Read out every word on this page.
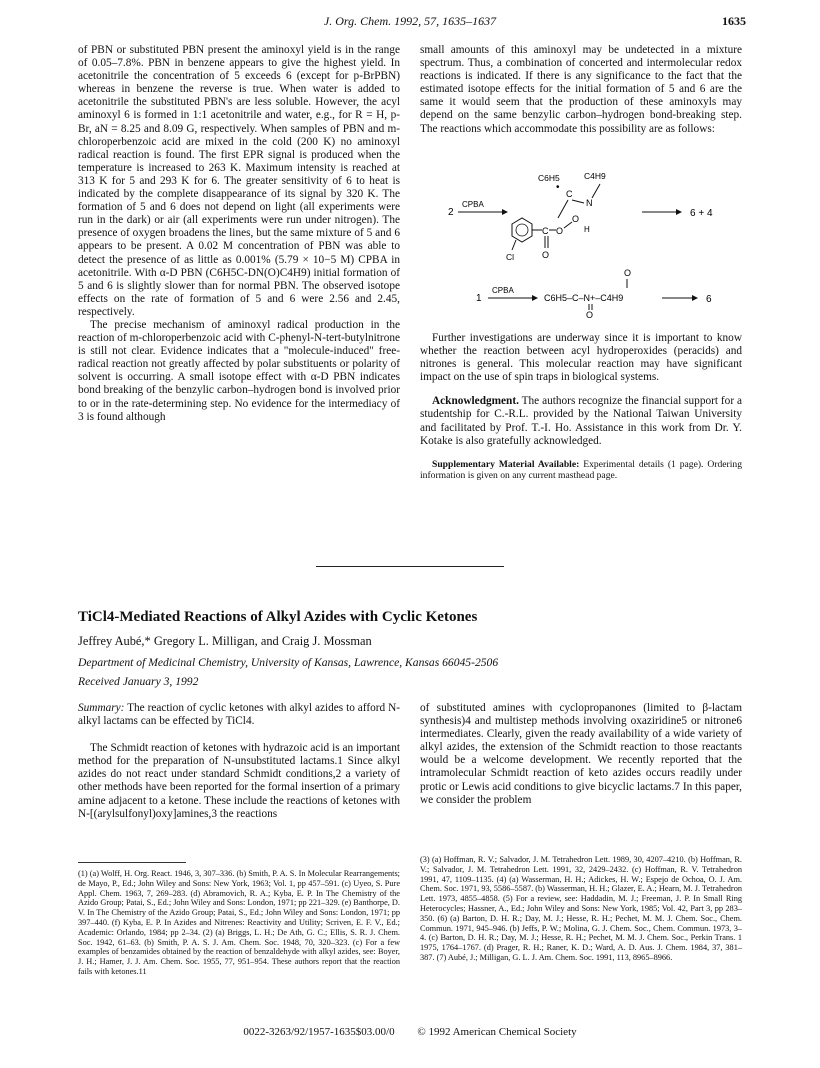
J. Org. Chem. 1992, 57, 1635–1637	1635

of PBN or substituted PBN present the aminoxyl yield is in the range of 0.05–7.8%. PBN in benzene appears to give the highest yield. In acetonitrile the concentration of 5 exceeds 6 (except for p-BrPBN) whereas in benzene the reverse is true. When water is added to acetonitrile the substituted PBN's are less soluble. However, the acyl aminoxyl 6 is formed in 1:1 acetonitrile and water, e.g., for R = H, p-Br, aN = 8.25 and 8.09 G, respectively. When samples of PBN and m-chloroperbenzoic acid are mixed in the cold (200 K) no aminoxyl radical reaction is found. The first EPR signal is produced when the temperature is increased to 263 K. Maximum intensity is reached at 313 K for 5 and 293 K for 6. The greater sensitivity of 6 to heat is indicated by the complete disappearance of its signal by 320 K. The formation of 5 and 6 does not depend on light (all experiments were run in the dark) or air (all experiments were run under nitrogen). The presence of oxygen broadens the lines, but the same mixture of 5 and 6 appears to be present. A 0.02 M concentration of PBN was able to detect the presence of as little as 0.001% (5.79 × 10−5 M) CPBA in acetonitrile. With α-D PBN (C6H5C-DN(O)C4H9) initial formation of 5 and 6 is slightly slower than for normal PBN. The observed isotope effects on the rate of formation of 5 and 6 were 2.56 and 2.45, respectively.

The precise mechanism of aminoxyl radical production in the reaction of m-chloroperbenzoic acid with C-phenyl-N-tert-butylnitrone is still not clear. Evidence indicates that a "molecule-induced" free-radical reaction not greatly affected by polar substituents or polarity of solvent is occurring. A small isotope effect with α-D PBN indicates bond breaking of the benzylic carbon–hydrogen bond is involved prior to or in the rate-determining step. No evidence for the intermediacy of 3 is found although

small amounts of this aminoxyl may be undetected in a mixture spectrum. Thus, a combination of concerted and intermolecular redox reactions is indicated. If there is any significance to the fact that the estimated isotope effects for the initial formation of 5 and 6 are the same it would seem that the production of these aminoxyls may depend on the same benzylic carbon–hydrogen bond-breaking step. The reactions which accommodate this possibility are as follows:

2
CPBA
C6H5	C4H9
•
C
N
C O
O
H
O
Cl
6 + 4
O
1
CPBA
C6H5–C–N+–C4H9
O
6

Further investigations are underway since it is important to know whether the reaction between acyl hydroperoxides (peracids) and nitrones is general. This molecular reaction may have significant impact on the use of spin traps in biological systems.

Acknowledgment. The authors recognize the financial support for a studentship for C.-R.L. provided by the National Taiwan University and facilitated by Prof. T.-I. Ho. Assistance in this work from Dr. Y. Kotake is also gratefully acknowledged.

Supplementary Material Available: Experimental details (1 page). Ordering information is given on any current masthead page.

TiCl4-Mediated Reactions of Alkyl Azides with Cyclic Ketones
Jeffrey Aubé,* Gregory L. Milligan, and Craig J. Mossman
Department of Medicinal Chemistry, University of Kansas, Lawrence, Kansas 66045-2506
Received January 3, 1992

Summary: The reaction of cyclic ketones with alkyl azides to afford N-alkyl lactams can be effected by TiCl4.

The Schmidt reaction of ketones with hydrazoic acid is an important method for the preparation of N-unsubstituted lactams.1 Since alkyl azides do not react under standard Schmidt conditions,2 a variety of other methods have been reported for the formal insertion of a primary amine adjacent to a ketone. These include the reactions of ketones with N-[(arylsulfonyl)oxy]amines,3 the reactions

of substituted amines with cyclopropanones (limited to β-lactam synthesis)4 and multistep methods involving oxaziridine5 or nitrone6 intermediates. Clearly, given the ready availability of a wide variety of alkyl azides, the extension of the Schmidt reaction to those reactants would be a welcome development. We recently reported that the intramolecular Schmidt reaction of keto azides occurs readily under protic or Lewis acid conditions to give bicyclic lactams.7 In this paper, we consider the problem

(1) (a) Wolff, H. Org. React. 1946, 3, 307–336. (b) Smith, P. A. S. In Molecular Rearrangements; de Mayo, P., Ed.; John Wiley and Sons: New York, 1963; Vol. 1, pp 457–591. (c) Uyeo, S. Pure Appl. Chem. 1963, 7, 269–283. (d) Abramovich, R. A.; Kyba, E. P. In The Chemistry of the Azido Group; Patai, S., Ed.; John Wiley and Sons: London, 1971; pp 221–329. (e) Banthorpe, D. V. In The Chemistry of the Azido Group; Patai, S., Ed.; John Wiley and Sons: London, 1971; pp 397–440. (f) Kyba, E. P. In Azides and Nitrenes: Reactivity and Utility; Scriven, E. F. V., Ed.; Academic: Orlando, 1984; pp 2–34. (2) (a) Briggs, L. H.; De Ath, G. C.; Ellis, S. R. J. Chem. Soc. 1942, 61–63. (b) Smith, P. A. S. J. Am. Chem. Soc. 1948, 70, 320–323. (c) For a few examples of benzamides obtained by the reaction of benzaldehyde with alkyl azides, see: Boyer, J. H.; Hamer, J. J. Am. Chem. Soc. 1955, 77, 951–954. These authors report that the reaction fails with ketones.11
(3) (a) Hoffman, R. V.; Salvador, J. M. Tetrahedron Lett. 1989, 30, 4207–4210. (b) Hoffman, R. V.; Salvador, J. M. Tetrahedron Lett. 1991, 32, 2429–2432. (c) Hoffman, R. V. Tetrahedron 1991, 47, 1109–1135. (4) (a) Wasserman, H. H.; Adickes, H. W.; Espejo de Ochoa, O. J. Am. Chem. Soc. 1971, 93, 5586–5587. (b) Wasserman, H. H.; Glazer, E. A.; Hearn, M. J. Tetrahedron Lett. 1973, 4855–4858. (5) For a review, see: Haddadin, M. J.; Freeman, J. P. In Small Ring Heterocycles; Hassner, A., Ed.; John Wiley and Sons: New York, 1985; Vol. 42, Part 3, pp 283–350. (6) (a) Barton, D. H. R.; Day, M. J.; Hesse, R. H.; Pechet, M. M. J. Chem. Soc., Chem. Commun. 1971, 945–946. (b) Jeffs, P. W.; Molina, G. J. Chem. Soc., Chem. Commun. 1973, 3–4. (c) Barton, D. H. R.; Day, M. J.; Hesse, R. H.; Pechet, M. M. J. Chem. Soc., Perkin Trans. 1 1975, 1764–1767. (d) Prager, R. H.; Raner, K. D.; Ward, A. D. Aus. J. Chem. 1984, 37, 381–387. (7) Aubé, J.; Milligan, G. L. J. Am. Chem. Soc. 1991, 113, 8965–8966.
0022-3263/92/1957-1635$03.00/0 © 1992 American Chemical Society
